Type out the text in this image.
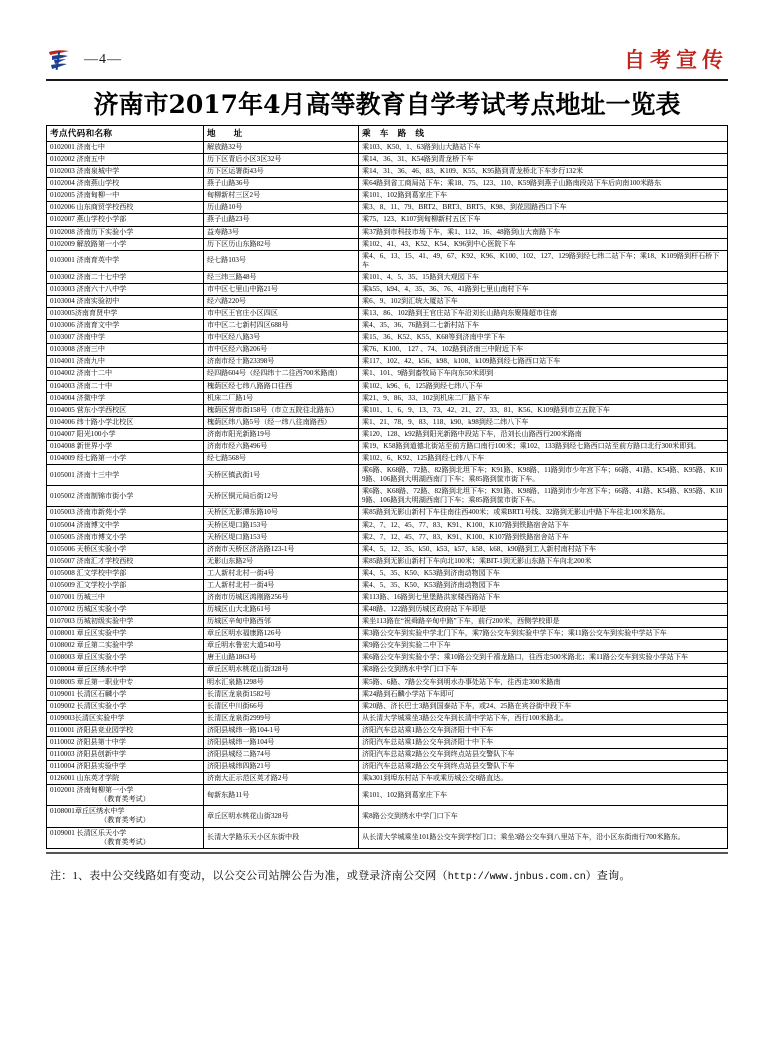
—4—	自考宣传
济南市2017年4月高等教育自学考试考点地址一览表
考点代码和名称	地　　址	乘　车　路　线
0102001 济南七中	解放路32号	乘103、K50、1、63路到山大路站下车
0102002 济南五中	历下区青后小区3区32号	乘14、36、31、K54路到青龙桥下车
0102003 济南泉城中学	历下区运署街43号	乘14、31、36、46、83、K109、K55、K95路到青龙桥北下车步行132米
0102004 济南燕山学校	燕子山路36号	乘64路到省工商局站下车；乘18、75、123、110、K59路到燕子山路南段站下车后向南100米路东
0102005 济南甸柳一中	甸柳新村三区2号	乘101、102路到葛家庄下车
0102006 山东商贸学校西校	历山路10号	乘3、8、11、79、BRT2、BRT3、BRT5、K98、到花园路西口下车
0102007 燕山学校小学部	燕子山路23号	乘75、123、K107到甸柳新村五区下车
0102008 济南历下实验小学	益寿路3号	乘37路到市科技市场下车，乘1、112、16、48路到山大南路下车
0102009 解放路第一小学	历下区历山东路82号	乘102、41、43、K52、K54、K96到中心医院下车
0103001 济南育英中学	经七路103号	乘4、6、13、15、41、49、67、K92、K96、K100、102、127、129路到经七纬二站下车；乘18、K109路到杆石桥下车
0103002 济南二十七中学	经三纬三路48号	乘101、4、5、35、15路到大观园下车
0103003 济南六十八中学	市中区七里山中路21号	乘k55、k94、4、35、36、76、41路到七里山南村下车
0103004 济南实验初中	经六路220号	乘6、9、102到汇统大厦站下车
0103005济南育贤中学	市中区王官庄小区四区	乘13、86、102路到王官庄站下车沿刘长山路向东聚隆超市往南
0103006 济南育文中学	市中区二七新村四区688号	乘4、35、36、76路到二七新村站下车
0103007 济南中学	市中区经八路3号	乘15、36、K52、K55、K68等到济南中学下车
0103008 济南三中	市中区经六路206号	乘76、K100、 127 、74、102路到济南三中附近下车
0104001 济南九中	济南市经十路23398号	乘117、102、42、k56、k98、k108、k109路到经七路西口站下车
0104002 济南十二中	经四路604号（经四纬十二往西700米路南）	乘1、101、9路到畜牧局下车向东50米即到
0104003 济南二十中	槐荫区经七纬八路路口往西	乘102、k96、6、125路到经七纬八下车
0104004 济微中学	机床二厂路1号	乘21、9、86、33、102到机床二厂路下车
0104005 营东小学西校区	槐荫区营市街158号（市立五院往北路东）	乘101、1、6、9、13、73、42、21、27、33、81、K56、K109路到市立五院下车
0104006 纬十路小学北校区	槐荫区纬八路5号（经一纬八往南路西）	乘1、21、78、9、83、118、k90、k98到经二纬八下车
0104007 阳光100小学	济南市阳光新路19号	乘120、128、k92路到阳光新路中段站下车，沿刘长山路西行200米路南
0104008 新世界小学	济南市经六路496号	乘19、K58路到道德北街站至前方路口南行100米；乘102、133路到经七路西口站至前方路口北行300米即到。
0104009 经七路第一小学	经七路568号	乘102、6、K92、125路到经七纬八下车
0105001 济南十三中学	天桥区镇武街1号	乘6路、K68路、72路、82路到北坦下车；K91路、K98路、11路到市少年宫下车；66路、41路、K54路、K95路、K109路、106路到大明湖西南门下车；乘85路到筐市街下车。
0105002 济南制锦市街小学	天桥区铜元局后街12号	乘6路、K68路、72路、82路到北坦下车；K91路、K98路、11路到市少年宫下车；66路、41路、K54路、K95路、K109路、106路到大明湖西南门下车；乘85路到筐市街下车。
0105003 济南市新苑小学	天桥区无影潭东路10号	乘85路到无影山新村下车往南往西400米；或乘BRT1号线、32路到无影山中路下车往北100米路东。
0105004 济南博文中学	天桥区堤口路153号	乘2、7、12、45、77、83、K91、K100、K107路到铁路宿舍站下车
0105005 济南市博文小学	天桥区堤口路153号	乘2、7、12、45、77、83、K91、K100、K107路到铁路宿舍站下车
0105006 天桥区实验小学	济南市天桥区济洛路123-1号	乘4、5、12、35、k50、k53、k57、k58、k68、k90路到工人新村南村站下车
0105007 济南汇才学校西校	无影山东路2号	乘85路到无影山新村下车向北100米；乘BIT-1到无影山东路下车向北200米
0105008 汇文学校中学部	工人新村北村一街4号	乘4、5、35、K50、K53路到济南动物园下车
0105009 汇文学校小学部	工人新村北村一街4号	乘4、5、35、K50、K53路到济南动物园下车
0107001 历城三中	济南市历城区鸿刚路256号	乘113路、16路到七里堡路洪家楼西路站下车
0107002 历城区实验小学	历城区山大北路61号	乘48路、122路到历城区政府站下车即是
0107003 历城初级实验中学	历城区辛甸中路西邻	乘坐113路在“祝舜路辛甸中路”下车，前行200米，西侧学校即是
0108001 章丘区实验中学	章丘区明水福康路126号	乘3路公交车到实验中学北门下车，乘7路公交车到实验中学下车；乘11路公交车到实验中学站下车
0108002 章丘第二实验中学	章丘明水鲁宏大道540号	乘9路公交车到实验二中下车
0108003 章丘区实验小学	唐王山路1863号	乘6路公交车到实验小学；乘10路公交到千禧龙路口，往西走500米路北；乘11路公交车到实验小学站下车
0108004 章丘区绣水中学	章丘区明水桃花山街328号	乘8路公交到绣水中学门口下车
0108005 章丘第一职业中专	明水汇泉路1298号	乘5路、6路、7路公交车到明水办事处站下车，往西走300米路南
0109001 长清区石麟小学	长清区龙泉街1582号	乘24路到石麟小学站下车即可
0109002 长清区实验小学	长清区中川街66号	乘20路、济长巴士3路到国泰站下车，或24、25路在宾谷街中段下车
0109003长清区实验中学	长清区龙泉街2999号	从长清大学城乘坐3路公交车到长清中学站下车，西行100米路北。
0110001 济阳县竞业园学校	济阳县城纬一路104-1号	济阳汽车总站乘1路公交车到济阳十中下车
0110002 济阳县第十中学	济阳县城纬一路104号	济阳汽车总站乘1路公交车到济阳十中下车
0110003 济阳县创新中学	济阳县城经二路74号	济阳汽车总站乘2路公交车到终点站县交警队下车
0110004 济阳县实验中学	济阳县城纬四路21号	济阳汽车总站乘2路公交车到终点站县交警队下车
0126001 山东英才学院	济南大正示范区英才路2号	乘k301到埠东村站下车或乘历城公交8路直达。
0102001 济南甸柳第一小学
（教育类考试）	甸新东路11号	乘101、102路到葛家庄下车
0108001章丘区绣水中学
（教育类考试）	章丘区明水桃花山街328号	乘8路公交到绣水中学门口下车
0109001 长清区乐天小学
（教育类考试）	长清大学路乐天小区东街中段	从长清大学城乘坐101路公交车到学校门口；乘坐3路公交车到八里站下车，沿小区东街南行700米路东。

注：1、表中公交线路如有变动，以公交公司站牌公告为准，或登录济南公交网（http://www.jnbus.com.cn）查询。
